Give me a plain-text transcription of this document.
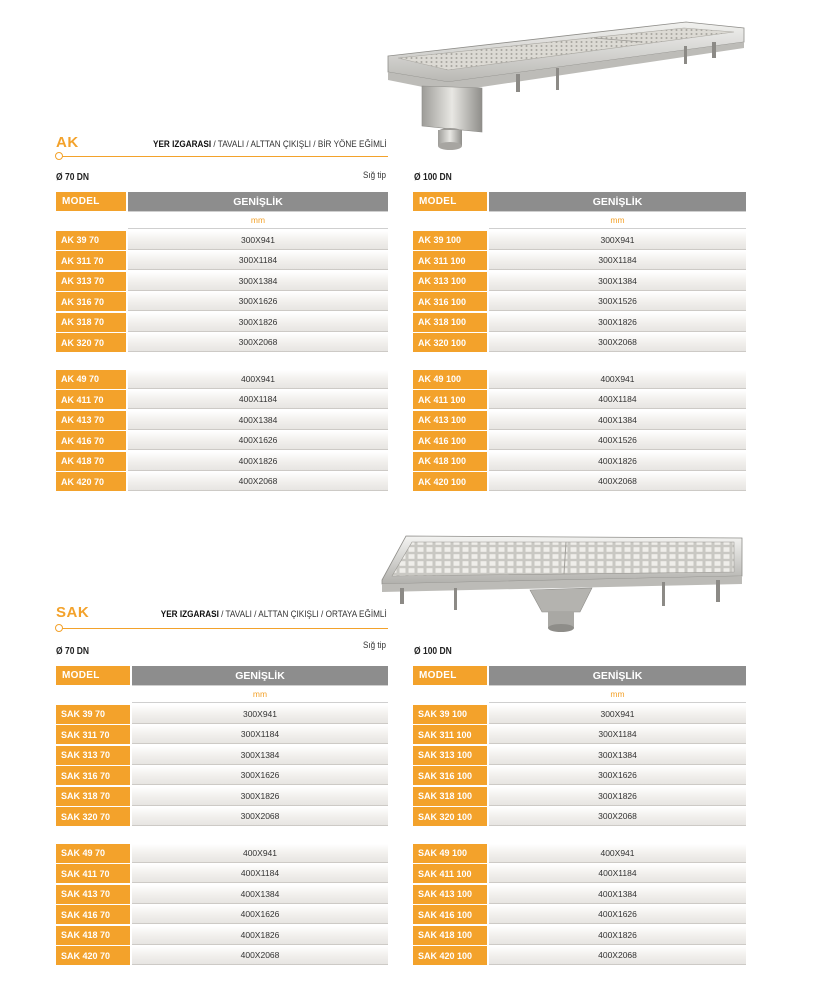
AK	YER IZGARASI / TAVALI / ALTTAN ÇIKIŞLI / BİR YÖNE EĞİMLİ
Sığ tip
Ø 70 DN
MODEL	GENİŞLİK
mm
AK 39 70	300X941
AK 311 70	300X1184
AK 313 70	300X1384
AK 316 70	300X1626
AK 318 70	300X1826
AK 320 70	300X2068
AK 49 70	400X941
AK 411 70	400X1184
AK 413 70	400X1384
AK 416 70	400X1626
AK 418 70	400X1826
AK 420 70	400X2068
Ø 100 DN
MODEL	GENİŞLİK
mm
AK 39 100	300X941
AK 311 100	300X1184
AK 313 100	300X1384
AK 316 100	300X1526
AK 318 100	300X1826
AK 320 100	300X2068
AK 49 100	400X941
AK 411 100	400X1184
AK 413 100	400X1384
AK 416 100	400X1526
AK 418 100	400X1826
AK 420 100	400X2068
SAK	YER IZGARASI / TAVALI / ALTTAN ÇIKIŞLI / ORTAYA EĞİMLİ
Sığ tip
Ø 70 DN
MODEL	GENİŞLİK
mm
SAK 39 70	300X941
SAK 311 70	300X1184
SAK 313 70	300X1384
SAK 316 70	300X1626
SAK 318 70	300X1826
SAK 320 70	300X2068
SAK 49 70	400X941
SAK 411 70	400X1184
SAK 413 70	400X1384
SAK 416 70	400X1626
SAK 418 70	400X1826
SAK 420 70	400X2068
Ø 100 DN
MODEL	GENİŞLİK
mm
SAK 39 100	300X941
SAK 311 100	300X1184
SAK 313 100	300X1384
SAK 316 100	300X1626
SAK 318 100	300X1826
SAK 320 100	300X2068
SAK 49 100	400X941
SAK 411 100	400X1184
SAK 413 100	400X1384
SAK 416 100	400X1626
SAK 418 100	400X1826
SAK 420 100	400X2068
